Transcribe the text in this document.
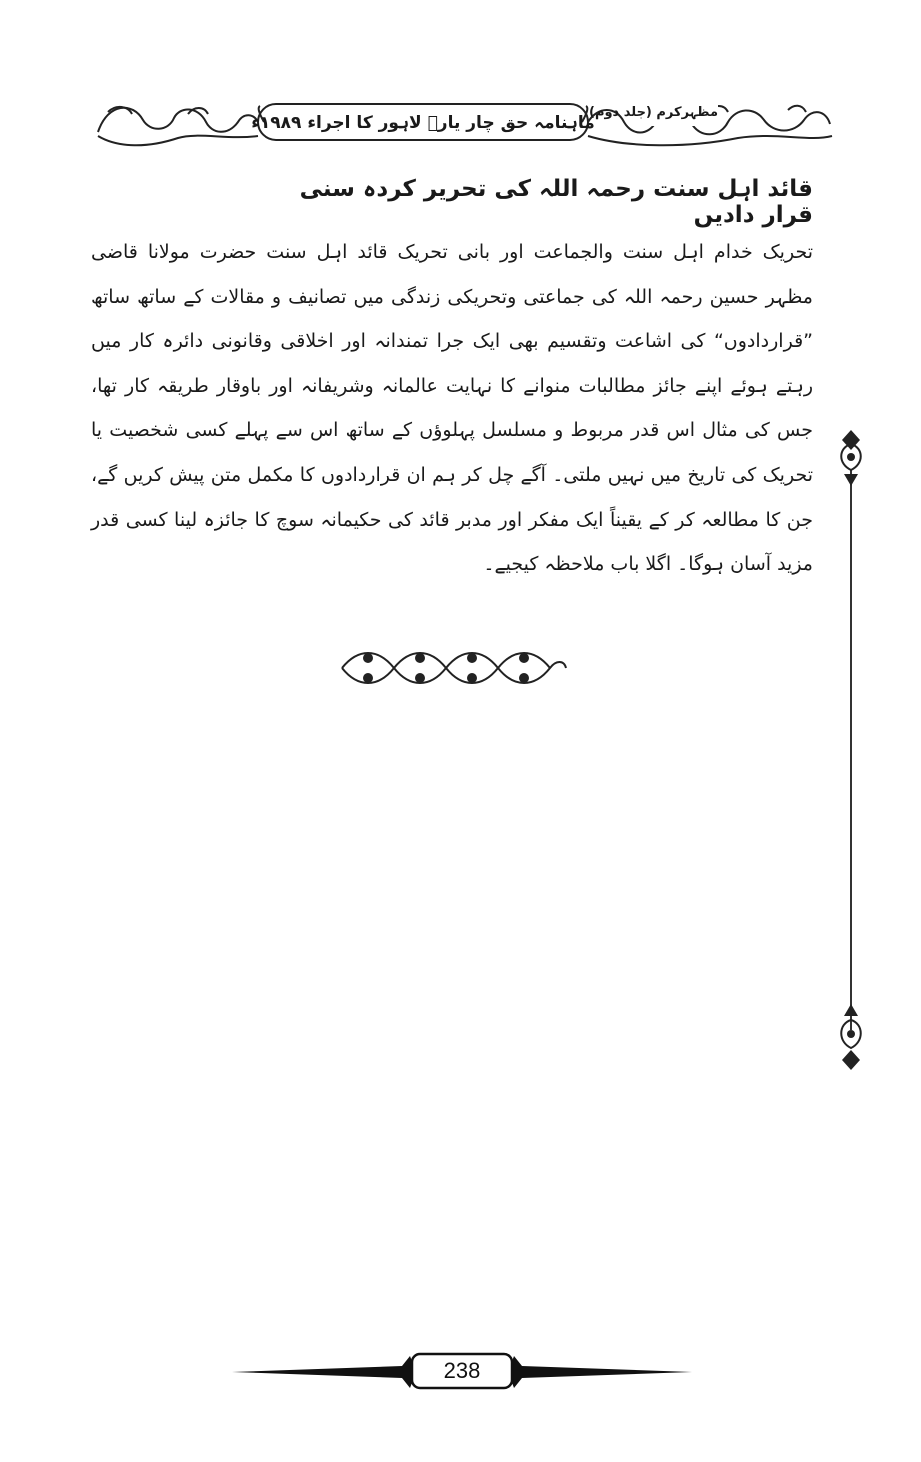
ماہنامہ حق چار یارؓ لاہور کا اجراء ۱۹۸۹ء
مظہرکرم (جلد دوم)
قائد اہل سنت رحمہ اللہ کی تحریر کردہ سنی قرار دادیں

تحریک خدام اہل سنت والجماعت اور بانی تحریک قائد اہل سنت حضرت مولانا قاضی مظہر حسین رحمہ اللہ کی جماعتی وتحریکی زندگی میں تصانیف و مقالات کے ساتھ ساتھ ”قراردادوں“ کی اشاعت وتقسیم بھی ایک جرا تمندانہ اور اخلاقی وقانونی دائرہ کار میں رہتے ہوئے اپنے جائز مطالبات منوانے کا نہایت عالمانہ وشریفانہ اور باوقار طریقہ کار تھا، جس کی مثال اس قدر مربوط و مسلسل پہلوؤں کے ساتھ اس سے پہلے کسی شخصیت یا تحریک کی تاریخ میں نہیں ملتی۔ آگے چل کر ہم ان قراردادوں کا مکمل متن پیش کریں گے، جن کا مطالعہ کر کے یقیناً ایک مفکر اور مدبر قائد کی حکیمانہ سوچ کا جائزہ لینا کسی قدر مزید آسان ہوگا۔ اگلا باب ملاحظہ کیجیے۔

238
